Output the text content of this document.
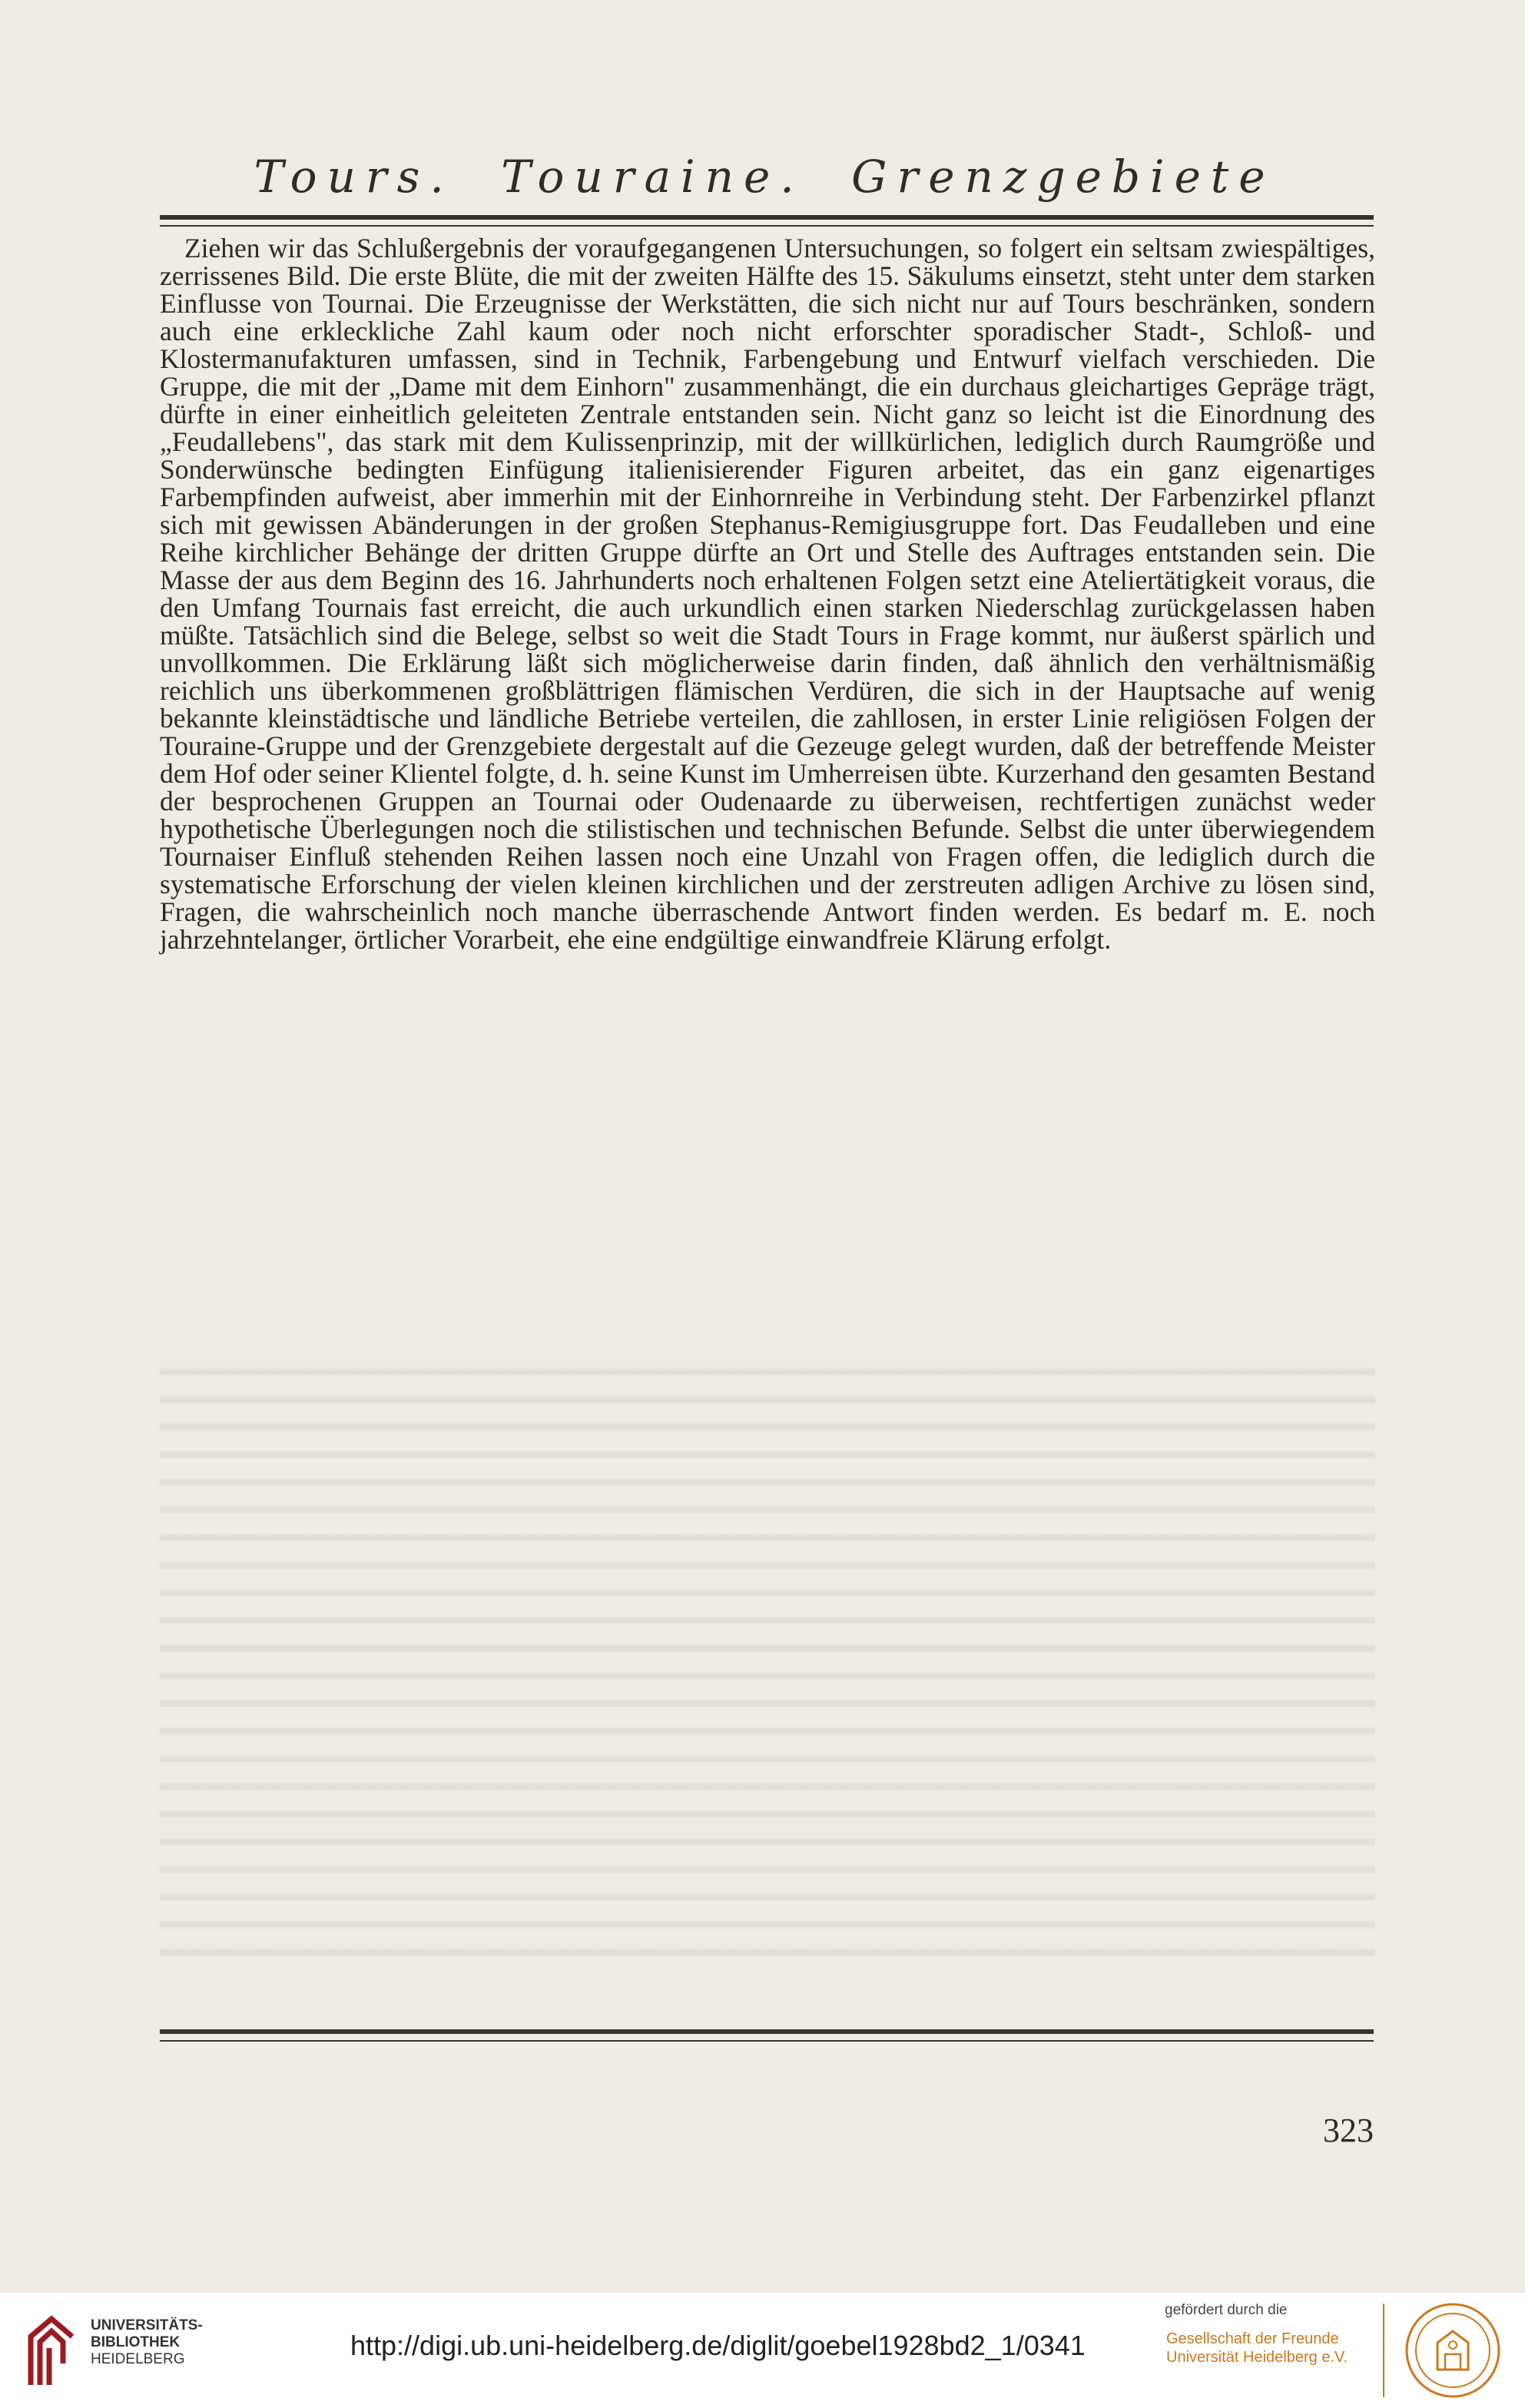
Tours. Touraine. Grenzgebiete
Ziehen wir das Schlußergebnis der voraufgegangenen Untersuchungen, so folgert ein seltsam zwiespältiges, zerrissenes Bild. Die erste Blüte, die mit der zweiten Hälfte des 15. Säkulums einsetzt, steht unter dem starken Einflusse von Tournai. Die Erzeugnisse der Werkstätten, die sich nicht nur auf Tours beschränken, sondern auch eine erkleckliche Zahl kaum oder noch nicht erforschter sporadischer Stadt-, Schloß- und Klostermanufakturen umfassen, sind in Technik, Farbengebung und Entwurf vielfach verschieden. Die Gruppe, die mit der „Dame mit dem Einhorn" zusammenhängt, die ein durchaus gleichartiges Gepräge trägt, dürfte in einer einheitlich geleiteten Zentrale entstanden sein. Nicht ganz so leicht ist die Einordnung des „Feudallebens", das stark mit dem Kulissenprinzip, mit der willkürlichen, lediglich durch Raumgröße und Sonderwünsche bedingten Einfügung italienisierender Figuren arbeitet, das ein ganz eigenartiges Farbempfinden aufweist, aber immerhin mit der Einhornreihe in Verbindung steht. Der Farbenzirkel pflanzt sich mit gewissen Abänderungen in der großen Stephanus-Remigiusgruppe fort. Das Feudalleben und eine Reihe kirchlicher Behänge der dritten Gruppe dürfte an Ort und Stelle des Auftrages entstanden sein. Die Masse der aus dem Beginn des 16. Jahrhunderts noch erhaltenen Folgen setzt eine Ateliertätigkeit voraus, die den Umfang Tournais fast erreicht, die auch urkundlich einen starken Niederschlag zurückgelassen haben müßte. Tatsächlich sind die Belege, selbst so weit die Stadt Tours in Frage kommt, nur äußerst spärlich und unvollkommen. Die Erklärung läßt sich möglicherweise darin finden, daß ähnlich den verhältnismäßig reichlich uns überkommenen großblättrigen flämischen Verdüren, die sich in der Hauptsache auf wenig bekannte kleinstädtische und ländliche Betriebe verteilen, die zahllosen, in erster Linie religiösen Folgen der Touraine-Gruppe und der Grenzgebiete dergestalt auf die Gezeuge gelegt wurden, daß der betreffende Meister dem Hof oder seiner Klientel folgte, d. h. seine Kunst im Umherreisen übte. Kurzerhand den gesamten Bestand der besprochenen Gruppen an Tournai oder Oudenaarde zu überweisen, rechtfertigen zunächst weder hypothetische Überlegungen noch die stilistischen und technischen Befunde. Selbst die unter überwiegendem Tournaiser Einfluß stehenden Reihen lassen noch eine Unzahl von Fragen offen, die lediglich durch die systematische Erforschung der vielen kleinen kirchlichen und der zerstreuten adligen Archive zu lösen sind, Fragen, die wahrscheinlich noch manche überraschende Antwort finden werden. Es bedarf m. E. noch jahrzehntelanger, örtlicher Vorarbeit, ehe eine endgültige einwandfreie Klärung erfolgt.
323
UNIVERSITÄTS-
BIBLIOTHEK
HEIDELBERG	http://digi.ub.uni-heidelberg.de/diglit/goebel1928bd2_1/0341
gefördert durch die
Gesellschaft der Freunde
Universität Heidelberg e.V.
